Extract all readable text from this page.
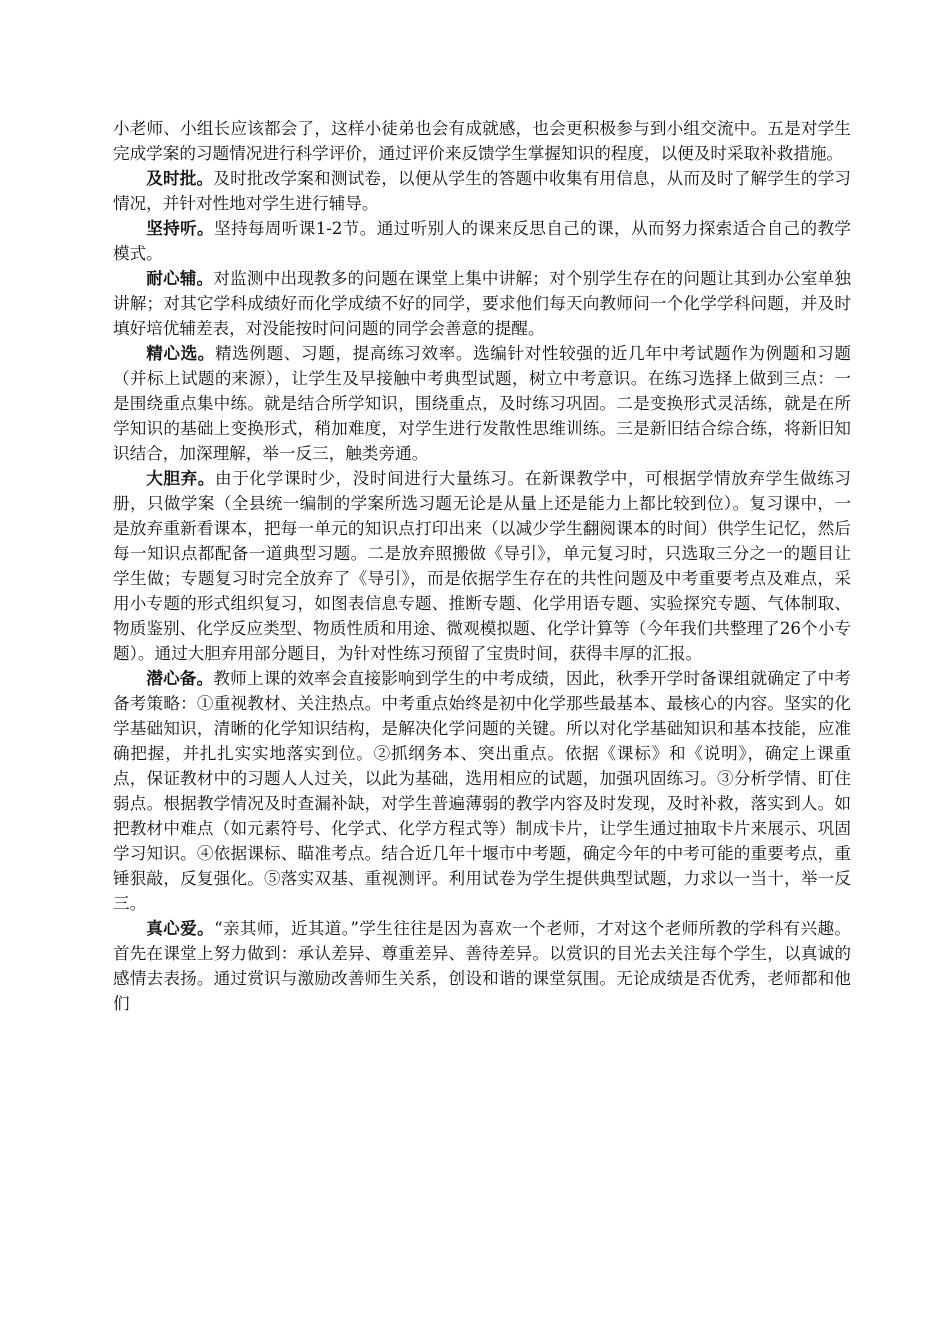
小老师、小组长应该都会了，这样小徒弟也会有成就感，也会更积极参与到小组交流中。五是对学生完成学案的习题情况进行科学评价，通过评价来反馈学生掌握知识的程度，以便及时采取补救措施。

及时批。及时批改学案和测试卷，以便从学生的答题中收集有用信息，从而及时了解学生的学习情况，并针对性地对学生进行辅导。

坚持听。坚持每周听课1-2节。通过听别人的课来反思自己的课，从而努力探索适合自己的教学模式。

耐心辅。对监测中出现教多的问题在课堂上集中讲解；对个别学生存在的问题让其到办公室单独讲解；对其它学科成绩好而化学成绩不好的同学，要求他们每天向教师问一个化学学科问题，并及时填好培优辅差表，对没能按时问问题的同学会善意的提醒。

精心选。精选例题、习题，提高练习效率。选编针对性较强的近几年中考试题作为例题和习题（并标上试题的来源），让学生及早接触中考典型试题，树立中考意识。在练习选择上做到三点：一是围绕重点集中练。就是结合所学知识，围绕重点，及时练习巩固。二是变换形式灵活练，就是在所学知识的基础上变换形式，稍加难度，对学生进行发散性思维训练。三是新旧结合综合练，将新旧知识结合，加深理解，举一反三，触类旁通。

大胆弃。由于化学课时少，没时间进行大量练习。在新课教学中，可根据学情放弃学生做练习册，只做学案（全县统一编制的学案所选习题无论是从量上还是能力上都比较到位）。复习课中，一是放弃重新看课本，把每一单元的知识点打印出来（以减少学生翻阅课本的时间）供学生记忆，然后每一知识点都配备一道典型习题。二是放弃照搬做《导引》，单元复习时，只选取三分之一的题目让学生做；专题复习时完全放弃了《导引》，而是依据学生存在的共性问题及中考重要考点及难点，采用小专题的形式组织复习，如图表信息专题、推断专题、化学用语专题、实验探究专题、气体制取、物质鉴别、化学反应类型、物质性质和用途、微观模拟题、化学计算等（今年我们共整理了26个小专题）。通过大胆弃用部分题目，为针对性练习预留了宝贵时间，获得丰厚的汇报。

潜心备。教师上课的效率会直接影响到学生的中考成绩，因此，秋季开学时备课组就确定了中考备考策略：①重视教材、关注热点。中考重点始终是初中化学那些最基本、最核心的内容。坚实的化学基础知识，清晰的化学知识结构，是解决化学问题的关键。所以对化学基础知识和基本技能，应准确把握，并扎扎实实地落实到位。②抓纲务本、突出重点。依据《课标》和《说明》，确定上课重点，保证教材中的习题人人过关，以此为基础，选用相应的试题，加强巩固练习。③分析学情、盯住弱点。根据教学情况及时查漏补缺，对学生普遍薄弱的教学内容及时发现，及时补救，落实到人。如把教材中难点（如元素符号、化学式、化学方程式等）制成卡片，让学生通过抽取卡片来展示、巩固学习知识。④依据课标、瞄准考点。结合近几年十堰市中考题，确定今年的中考可能的重要考点，重锤狠敲，反复强化。⑤落实双基、重视测评。利用试卷为学生提供典型试题，力求以一当十，举一反三。

真心爱。“亲其师，近其道。”学生往往是因为喜欢一个老师，才对这个老师所教的学科有兴趣。首先在课堂上努力做到：承认差异、尊重差异、善待差异。以赏识的目光去关注每个学生，以真诚的感情去表扬。通过赏识与激励改善师生关系，创设和谐的课堂氛围。无论成绩是否优秀，老师都和他们
